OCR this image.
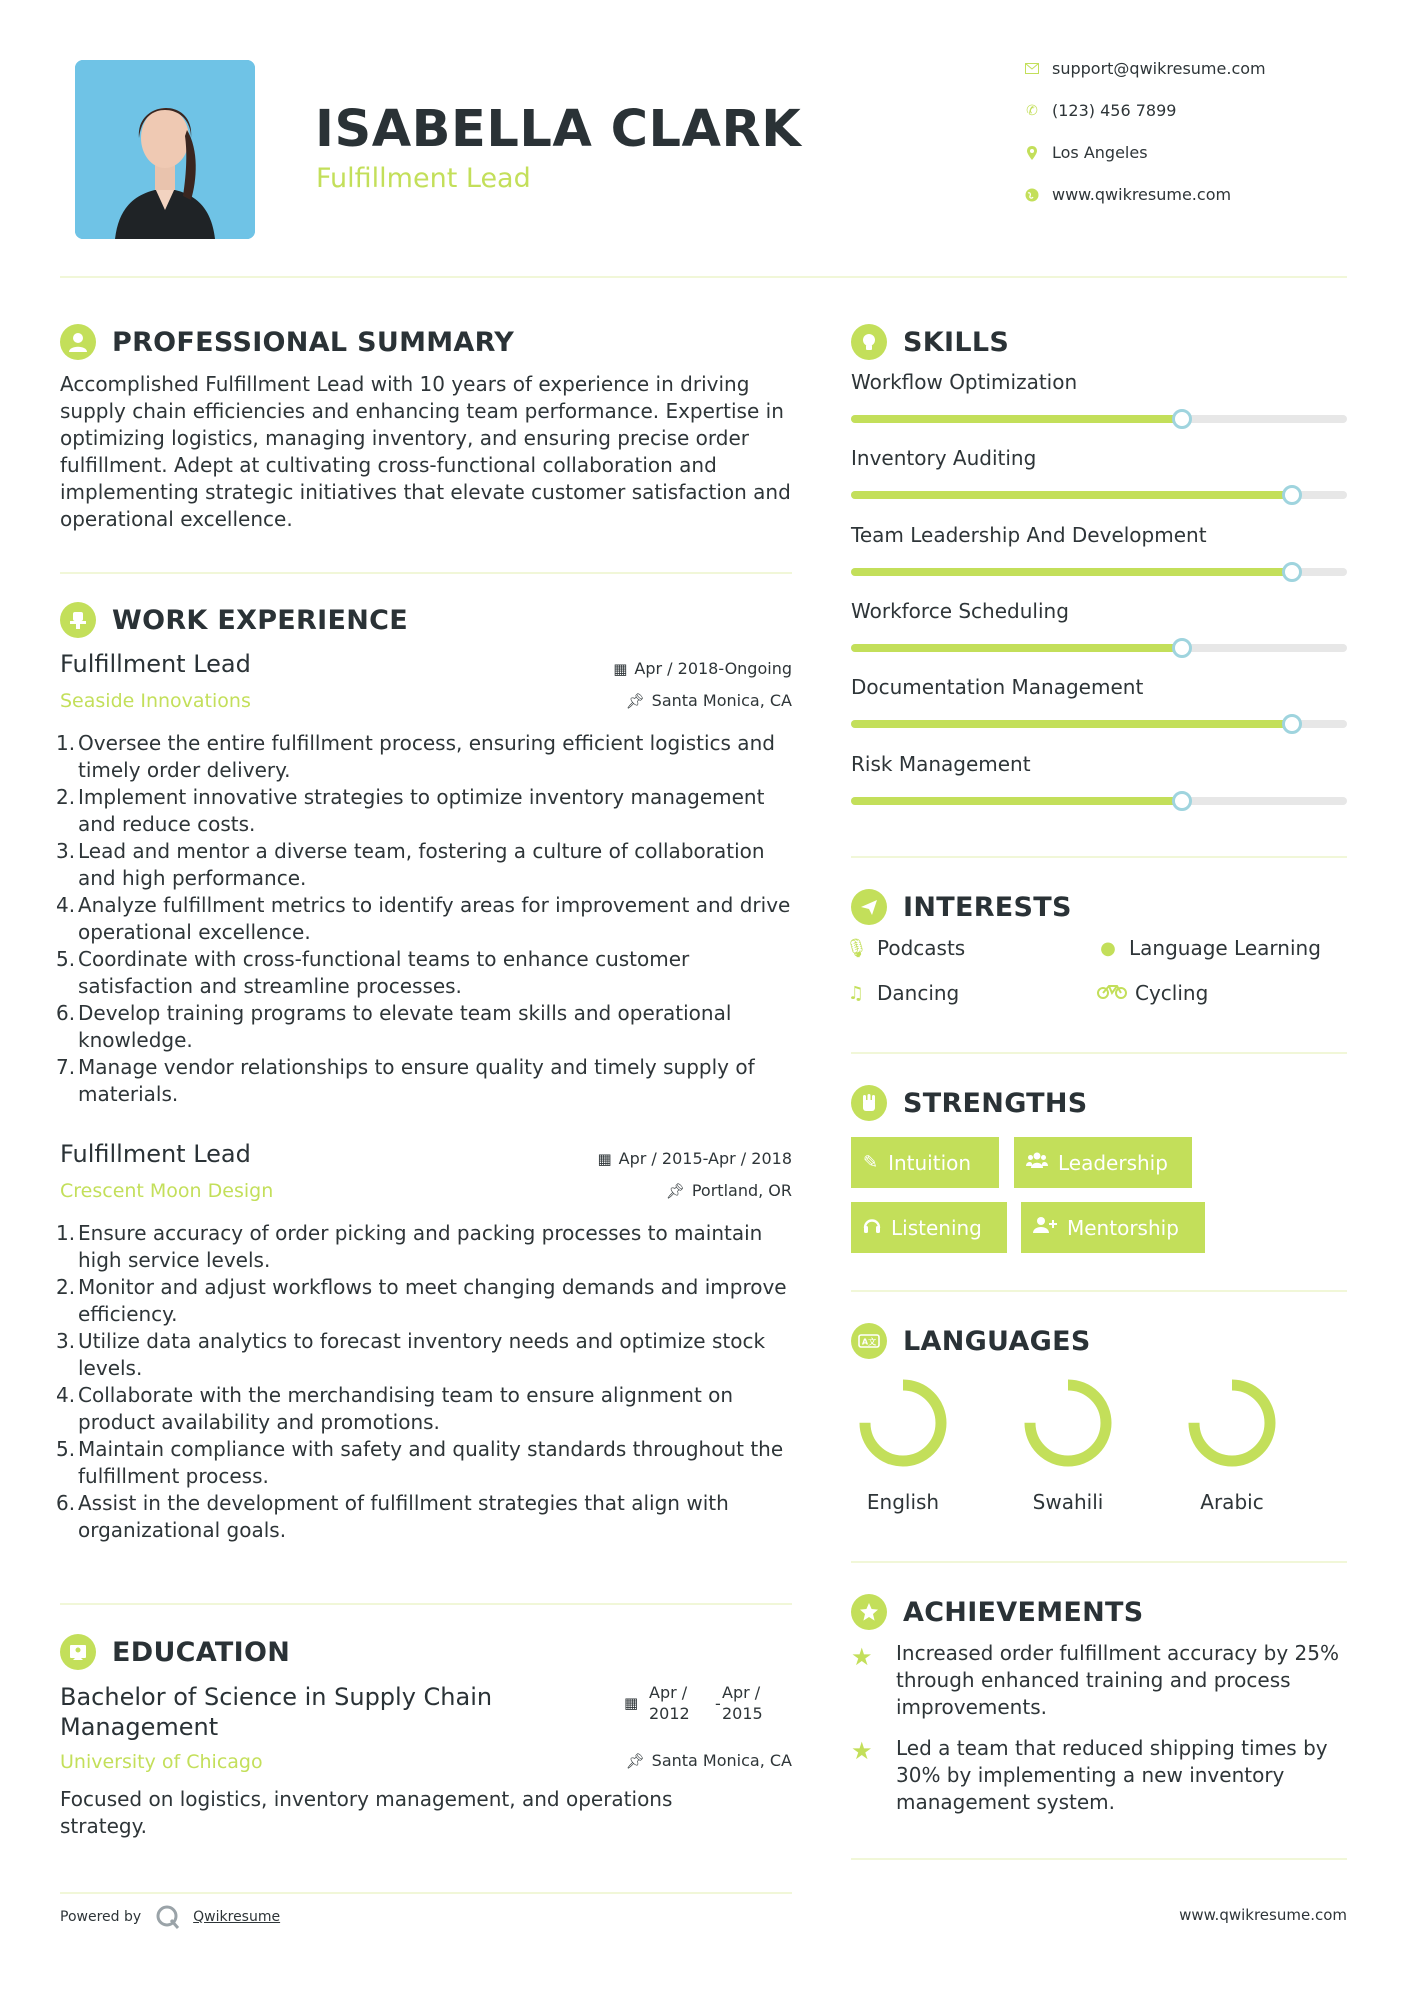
ISABELLA CLARK
Fulfillment Lead
support@qwikresume.com
✆ (123) 456 7899
Los Angeles
www.qwikresume.com
PROFESSIONAL SUMMARY
Accomplished Fulfillment Lead with 10 years of experience in driving supply chain efficiencies and enhancing team performance. Expertise in optimizing logistics, managing inventory, and ensuring precise order fulfillment. Adept at cultivating cross-functional collaboration and implementing strategic initiatives that elevate customer satisfaction and operational excellence.
WORK EXPERIENCE
Fulfillment Lead
Seaside Innovations
▦ Apr / 2018-Ongoing
📌︎ Santa Monica, CA
1. Oversee the entire fulfillment process, ensuring efficient logistics and timely order delivery.
2. Implement innovative strategies to optimize inventory management and reduce costs.
3. Lead and mentor a diverse team, fostering a culture of collaboration and high performance.
4. Analyze fulfillment metrics to identify areas for improvement and drive operational excellence.
5. Coordinate with cross-functional teams to enhance customer satisfaction and streamline processes.
6. Develop training programs to elevate team skills and operational knowledge.
7. Manage vendor relationships to ensure quality and timely supply of materials.
Fulfillment Lead
Crescent Moon Design
▦ Apr / 2015-Apr / 2018
📌︎ Portland, OR
1. Ensure accuracy of order picking and packing processes to maintain high service levels.
2. Monitor and adjust workflows to meet changing demands and improve efficiency.
3. Utilize data analytics to forecast inventory needs and optimize stock levels.
4. Collaborate with the merchandising team to ensure alignment on product availability and promotions.
5. Maintain compliance with safety and quality standards throughout the fulfillment process.
6. Assist in the development of fulfillment strategies that align with organizational goals.
EDUCATION
Bachelor of Science in Supply Chain Management
University of Chicago
▦
Apr / 2012
-
Apr / 2015
📌︎ Santa Monica, CA
Focused on logistics, inventory management, and operations strategy.
SKILLS
Workflow Optimization
Inventory Auditing
Team Leadership And Development
Workforce Scheduling
Documentation Management
Risk Management
INTERESTS
🎙︎ Podcasts	● Language Learning
♫ Dancing	Cycling
STRENGTHS
✎ Intuition	Leadership
Listening	Mentorship
A文 LANGUAGES
English	Swahili	Arabic
ACHIEVEMENTS
★ Increased order fulfillment accuracy by 25% through enhanced training and process improvements.
★ Led a team that reduced shipping times by 30% by implementing a new inventory management system.
Powered by	Qwikresume	www.qwikresume.com
